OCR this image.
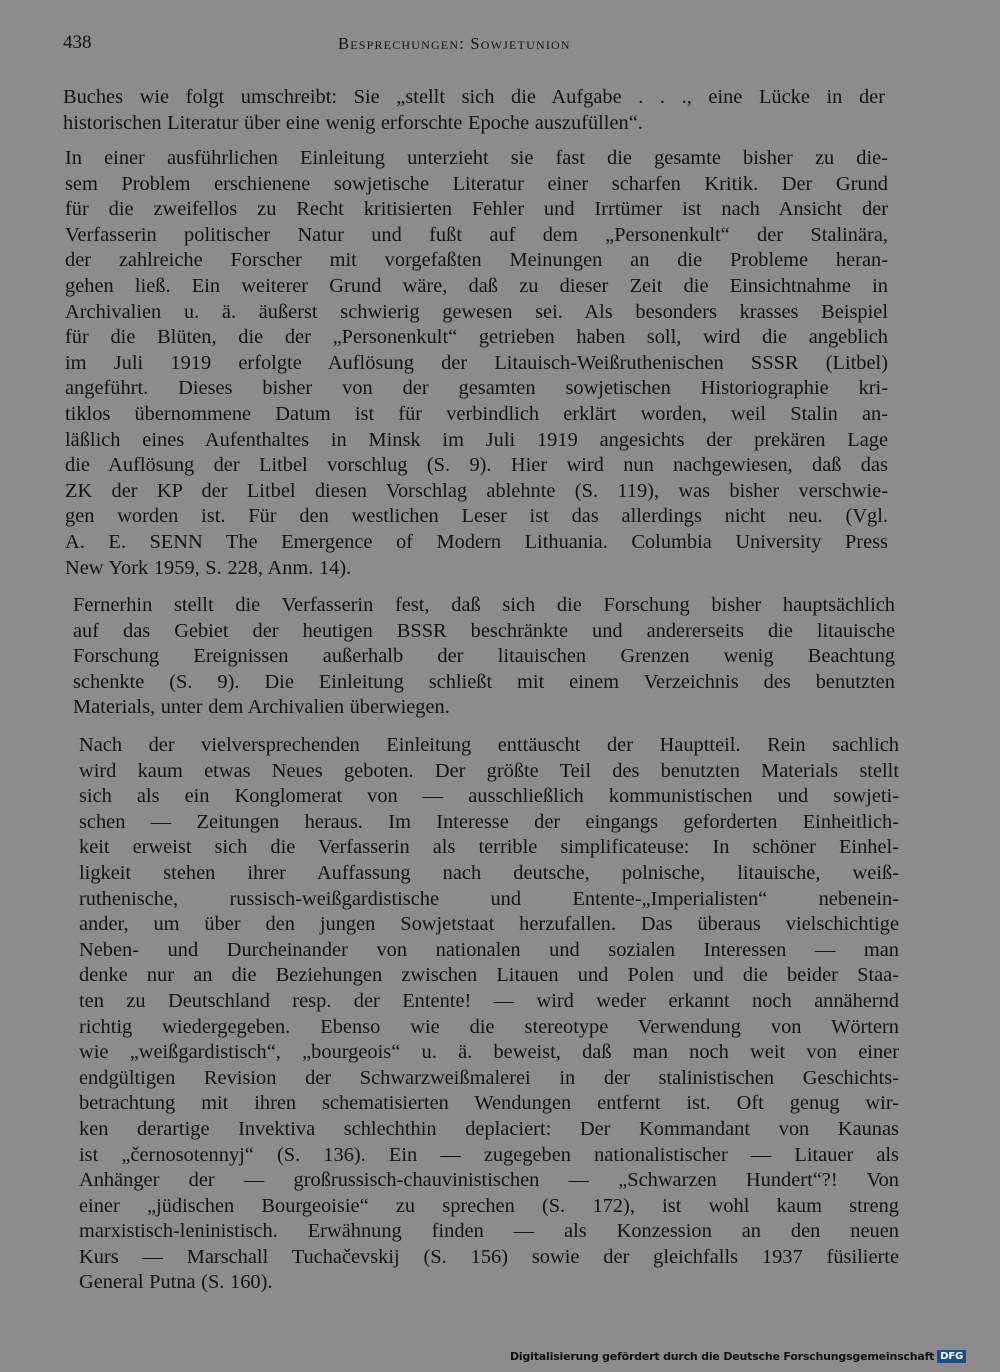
438	Besprechungen: Sowjetunion
Buches wie folgt umschreibt: Sie „stellt sich die Aufgabe . . ., eine Lücke in der
historischen Literatur über eine wenig erforschte Epoche auszufüllen“.
In einer ausführlichen Einleitung unterzieht sie fast die gesamte bisher zu die-
sem Problem erschienene sowjetische Literatur einer scharfen Kritik. Der Grund
für die zweifellos zu Recht kritisierten Fehler und Irrtümer ist nach Ansicht der
Verfasserin politischer Natur und fußt auf dem „Personenkult“ der Stalinära,
der zahlreiche Forscher mit vorgefaßten Meinungen an die Probleme heran-
gehen ließ. Ein weiterer Grund wäre, daß zu dieser Zeit die Einsichtnahme in
Archivalien u. ä. äußerst schwierig gewesen sei. Als besonders krasses Beispiel
für die Blüten, die der „Personenkult“ getrieben haben soll, wird die angeblich
im Juli 1919 erfolgte Auflösung der Litauisch-Weißruthenischen SSSR (Litbel)
angeführt. Dieses bisher von der gesamten sowjetischen Historiographie kri-
tiklos übernommene Datum ist für verbindlich erklärt worden, weil Stalin an-
läßlich eines Aufenthaltes in Minsk im Juli 1919 angesichts der prekären Lage
die Auflösung der Litbel vorschlug (S. 9). Hier wird nun nachgewiesen, daß das
ZK der KP der Litbel diesen Vorschlag ablehnte (S. 119), was bisher verschwie-
gen worden ist. Für den westlichen Leser ist das allerdings nicht neu. (Vgl.
A. E. SENN The Emergence of Modern Lithuania. Columbia University Press
New York 1959, S. 228, Anm. 14).
Fernerhin stellt die Verfasserin fest, daß sich die Forschung bisher hauptsächlich
auf das Gebiet der heutigen BSSR beschränkte und andererseits die litauische
Forschung Ereignissen außerhalb der litauischen Grenzen wenig Beachtung
schenkte (S. 9). Die Einleitung schließt mit einem Verzeichnis des benutzten
Materials, unter dem Archivalien überwiegen.
Nach der vielversprechenden Einleitung enttäuscht der Hauptteil. Rein sachlich
wird kaum etwas Neues geboten. Der größte Teil des benutzten Materials stellt
sich als ein Konglomerat von — ausschließlich kommunistischen und sowjeti-
schen — Zeitungen heraus. Im Interesse der eingangs geforderten Einheitlich-
keit erweist sich die Verfasserin als terrible simplificateuse: In schöner Einhel-
ligkeit stehen ihrer Auffassung nach deutsche, polnische, litauische, weiß-
ruthenische, russisch-weißgardistische und Entente-„Imperialisten“ nebenein-
ander, um über den jungen Sowjetstaat herzufallen. Das überaus vielschichtige
Neben- und Durcheinander von nationalen und sozialen Interessen — man
denke nur an die Beziehungen zwischen Litauen und Polen und die beider Staa-
ten zu Deutschland resp. der Entente! — wird weder erkannt noch annähernd
richtig wiedergegeben. Ebenso wie die stereotype Verwendung von Wörtern
wie „weißgardistisch“, „bourgeois“ u. ä. beweist, daß man noch weit von einer
endgültigen Revision der Schwarzweißmalerei in der stalinistischen Geschichts-
betrachtung mit ihren schematisierten Wendungen entfernt ist. Oft genug wir-
ken derartige Invektiva schlechthin deplaciert: Der Kommandant von Kaunas
ist „černosotennyj“ (S. 136). Ein — zugegeben nationalistischer — Litauer als
Anhänger der — großrussisch-chauvinistischen — „Schwarzen Hundert“?! Von
einer „jüdischen Bourgeoisie“ zu sprechen (S. 172), ist wohl kaum streng
marxistisch-leninistisch. Erwähnung finden — als Konzession an den neuen
Kurs — Marschall Tuchačevskij (S. 156) sowie der gleichfalls 1937 füsilierte
General Putna (S. 160).
Digitalisierung gefördert durch die Deutsche Forschungsgemeinschaft DFG
